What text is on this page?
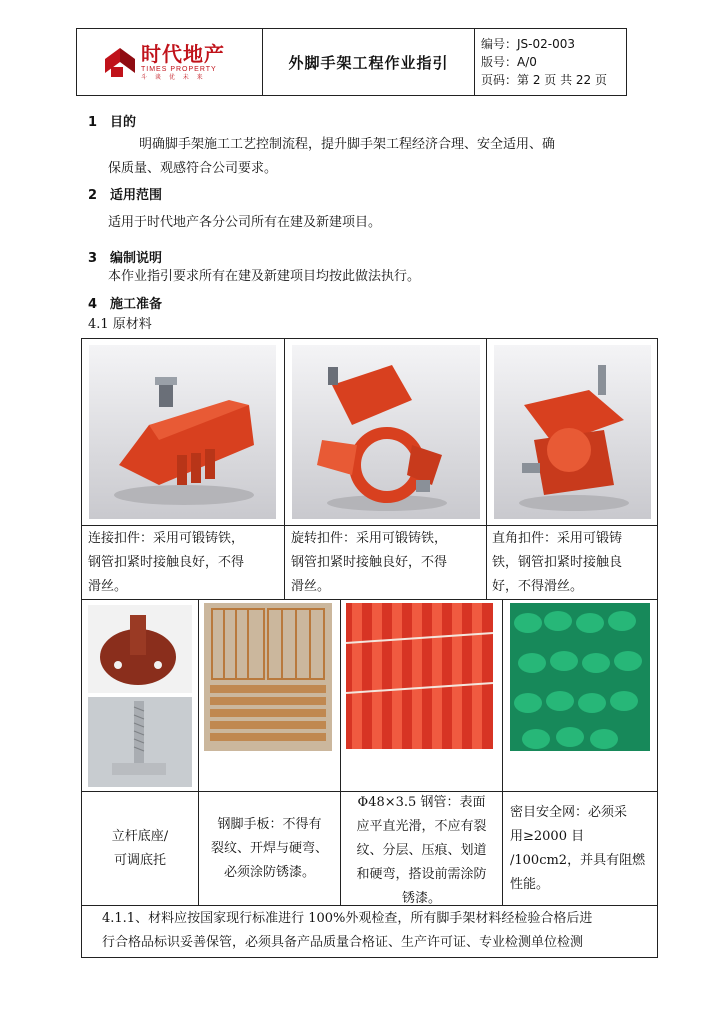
时代地产
TIMES PROPERTY
斗 谈 优 未 来
外脚手架工程作业指引
编号：JS-02-003
版号：A/0
页码：第 2 页 共 22 页
1 目的
明确脚手架施工工艺控制流程，提升脚手架工程经济合理、安全适用、确
保质量、观感符合公司要求。
2 适用范围
适用于时代地产各分公司所有在建及新建项目。
3 编制说明
本作业指引要求所有在建及新建项目均按此做法执行。
4 施工准备
4.1 原材料
连接扣件：采用可锻铸铁，
钢管扣紧时接触良好，不得
滑丝。
旋转扣件：采用可锻铸铁，
钢管扣紧时接触良好，不得
滑丝。
直角扣件：采用可锻铸
铁，钢管扣紧时接触良
好，不得滑丝。
立杆底座/
可调底托
钢脚手板：不得有
裂纹、开焊与硬弯、
必须涂防锈漆。
Φ48×3.5 钢管：表面
应平直光滑，不应有裂
纹、分层、压痕、划道
和硬弯，搭设前需涂防
锈漆。
密目安全网：必须采
用≥2000 目
/100cm2，并具有阻燃
性能。
4.1.1、材料应按国家现行标准进行 100%外观检查，所有脚手架材料经检验合格后进
行合格品标识妥善保管，必须具备产品质量合格证、生产许可证、专业检测单位检测
